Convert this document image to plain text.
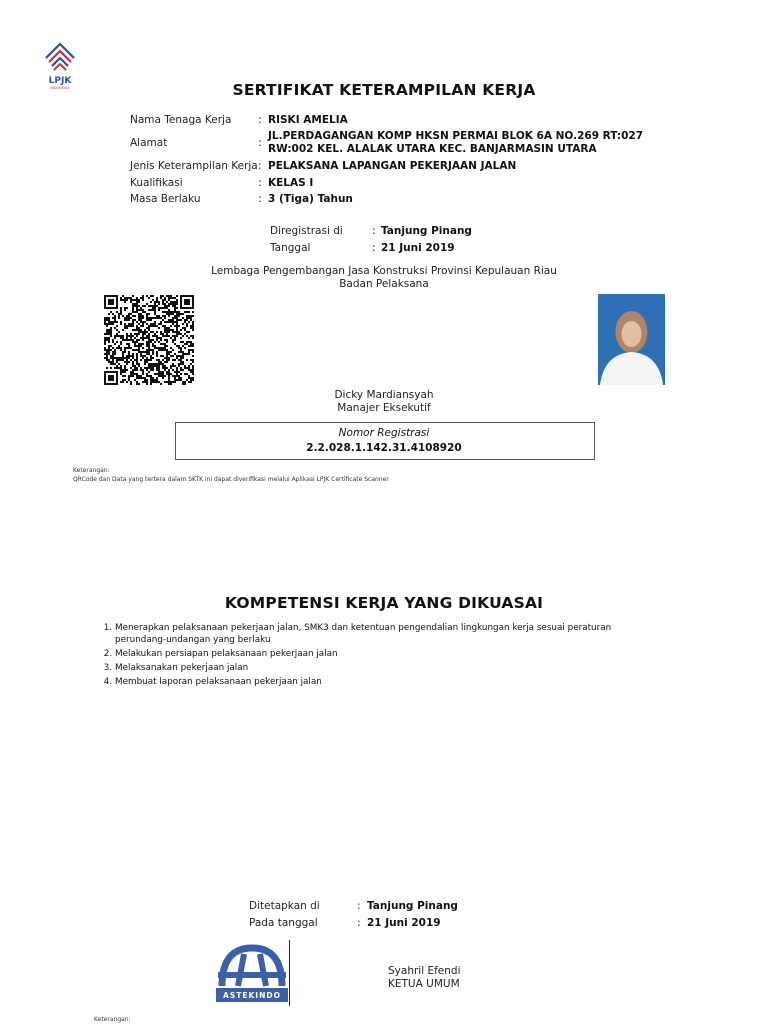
LPJK
INDONESIA	SERTIFIKAT KETERAMPILAN KERJA
Nama Tenaga Kerja	: RISKI AMELIA
Alamat	:
JL.PERDAGANGAN KOMP HKSN PERMAI BLOK 6A NO.269 RT:027
RW:002 KEL. ALALAK UTARA KEC. BANJARMASIN UTARA
Jenis Keterampilan Kerja : PELAKSANA LAPANGAN PEKERJAAN JALAN
Kualifikasi	: KELAS I
Masa Berlaku	: 3 (Tiga) Tahun
Diregistrasi di	: Tanjung Pinang
Tanggal	: 21 Juni 2019
Lembaga Pengembangan Jasa Konstruksi Provinsi Kepulauan Riau
Badan Pelaksana
Dicky Mardiansyah
Manajer Eksekutif
Nomor Registrasi
2.2.028.1.142.31.4108920
Keterangan:
QRCode dan Data yang tertera dalam SKTK ini dapat diverifikasi melalui Aplikasi LPJK Certificate Scanner
KOMPETENSI KERJA YANG DIKUASAI
1. Menerapkan pelaksanaan pekerjaan jalan, SMK3 dan ketentuan pengendalian lingkungan kerja sesuai peraturan perundang-undangan yang berlaku
2. Melakukan persiapan pelaksanaan pekerjaan jalan
3. Melaksanakan pekerjaan jalan
4. Membuat laporan pelaksanaan pekerjaan jalan
Ditetapkan di	: Tanjung Pinang
Pada tanggal	: 21 Juni 2019
ASTEKINDO
Syahril Efendi
KETUA UMUM
Keterangan:
